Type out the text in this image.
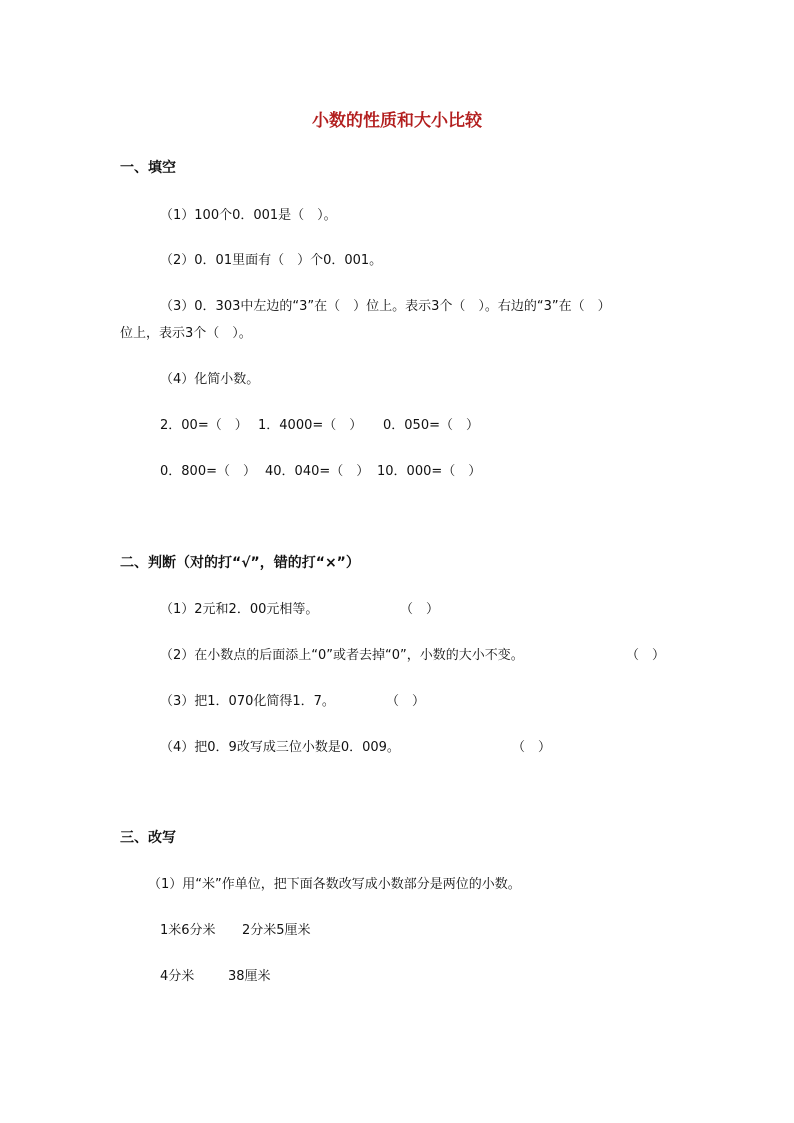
小数的性质和大小比较
一、填空
（1）100个0．001是（　）。
（2）0．01里面有（　）个0．001。
（3）0．303中左边的“3”在（　）位上。表示3个（　）。右边的“3”在（　）
位上，表示3个（　）。
（4）化简小数。
2．00=（　） 1．4000=（　） 0．050=（　）
0．800=（　） 40．040=（　） 10．000=（　）
二、判断（对的打“√”，错的打“×”）
（1）2元和2．00元相等。	（　）
（2）在小数点的后面添上“0”或者去掉“0”，小数的大小不变。	（　）
（3）把1．070化简得1．7。	（　）
（4）把0．9改写成三位小数是0．009。	（　）
三、改写
（1）用“米”作单位，把下面各数改写成小数部分是两位的小数。
1米6分米 2分米5厘米
4分米	38厘米
